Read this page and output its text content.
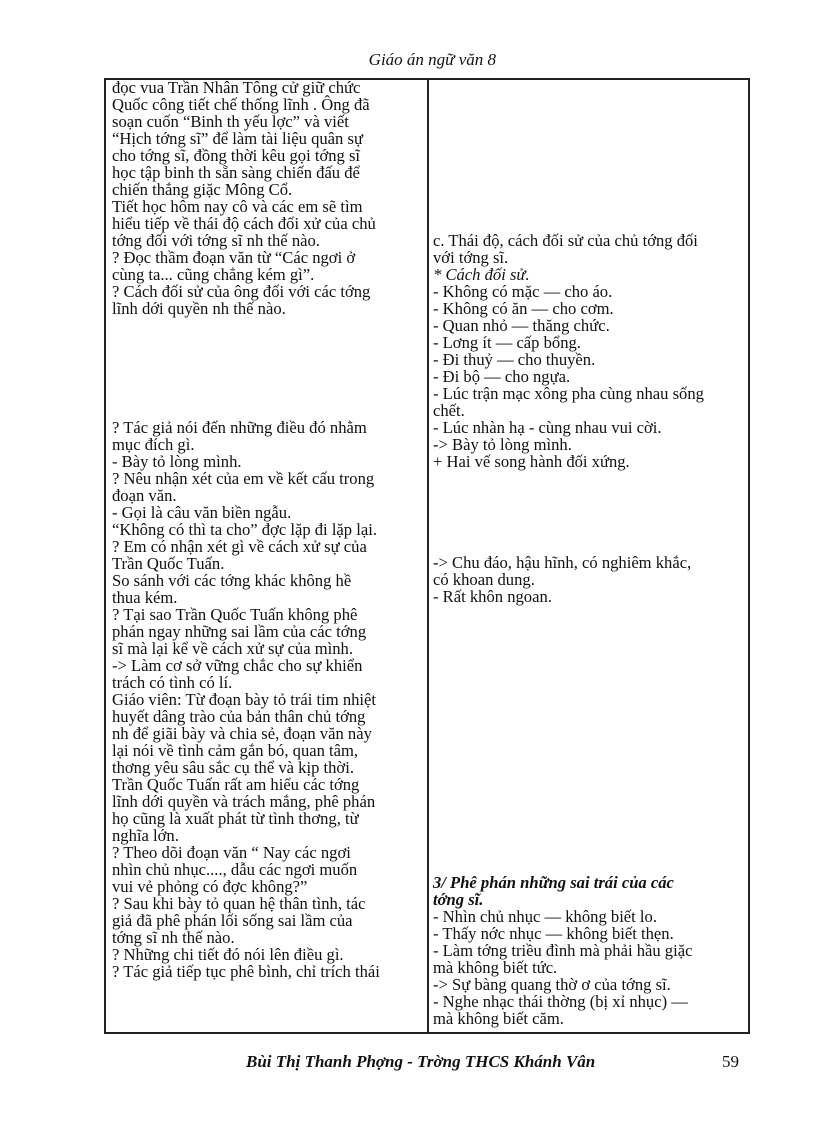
Giáo án ngữ văn 8
đọc vua Trần Nhân Tông cử giữ chức
Quốc công tiết chế thống lĩnh . Ông đã
soạn cuốn “Binh th yếu lợc” và viết
“Hịch tớng sĩ” để làm tài liệu quân sự
cho tớng sĩ, đồng thời kêu gọi tớng sĩ
học tập binh th sẵn sàng chiến đấu để
chiến thắng giặc Mông Cổ.
Tiết học hôm nay cô và các em sẽ tìm
hiểu tiếp về thái độ cách đối xử của chủ
tớng đối với tớng sĩ nh thế nào.
? Đọc thầm đoạn văn từ “Các ngơi ở
cùng ta... cũng chẳng kém gì”.
? Cách đối sử của ông đối với các tớng
lĩnh dới quyền nh thế nào.
? Tác giả nói đến những điều đó nhằm
mục đích gì.
- Bày tỏ lòng mình.
? Nêu nhận xét của em về kết cấu trong
đoạn văn.
- Gọi là câu văn biền ngẫu.
“Không có thì ta cho” đợc lặp đi lặp lại.
? Em có nhận xét gì về cách xử sự của
Trần Quốc Tuấn.
So sánh với các tớng khác không hề
thua kém.
? Tại sao Trần Quốc Tuấn không phê
phán ngay những sai lầm của các tớng
sĩ mà lại kể về cách xử sự của mình.
-> Làm cơ sở vững chắc cho sự khiển
trách có tình có lí.
Giáo viên: Từ đoạn bày tỏ trái tim nhiệt
huyết dâng trào của bản thân chủ tớng
nh để giãi bày và chia sẻ, đoạn văn này
lại nói về tình cảm gắn bó, quan tâm,
thơng yêu sâu sắc cụ thể và kịp thời.
Trần Quốc Tuấn rất am hiểu các tớng
lĩnh dới quyền và trách mắng, phê phán
họ cũng là xuất phát từ tình thơng, từ
nghĩa lớn.
? Theo dõi đoạn văn “ Nay các ngơi
nhìn chủ nhục...., dẫu các ngơi muốn
vui vẻ phỏng có đợc không?”
? Sau khi bày tỏ quan hệ thân tình, tác
giả đã phê phán lối sống sai lầm của
tớng sĩ nh thế nào.
? Những chi tiết đó nói lên điều gì.
? Tác giả tiếp tục phê bình, chỉ trích thái
c. Thái độ, cách đối sử của chủ tớng đối
với tớng sĩ.
* Cách đối sử.
- Không có mặc — cho áo.
- Không có ăn — cho cơm.
- Quan nhỏ — thăng chức.
- Lơng ít — cấp bổng.
- Đi thuỷ — cho thuyền.
- Đi bộ — cho ngựa.
- Lúc trận mạc xông pha cùng nhau sống
chết.
- Lúc nhàn hạ - cùng nhau vui cời.
-> Bày tỏ lòng mình.
+ Hai vế song hành đối xứng.
-> Chu đáo, hậu hĩnh, có nghiêm khắc,
có khoan dung.
- Rất khôn ngoan.
3/ Phê phán những sai trái của các
tớng sĩ.
- Nhìn chủ nhục — không biết lo.
- Thấy nớc nhục — không biết thẹn.
- Làm tớng triều đình mà phải hầu giặc
mà không biết tức.
-> Sự bàng quang thờ ơ của tớng sĩ.
- Nghe nhạc thái thờng (bị xỉ nhục) —
mà không biết căm.
Bùi Thị Thanh Phợng - Trờng THCS Khánh Vân	59
